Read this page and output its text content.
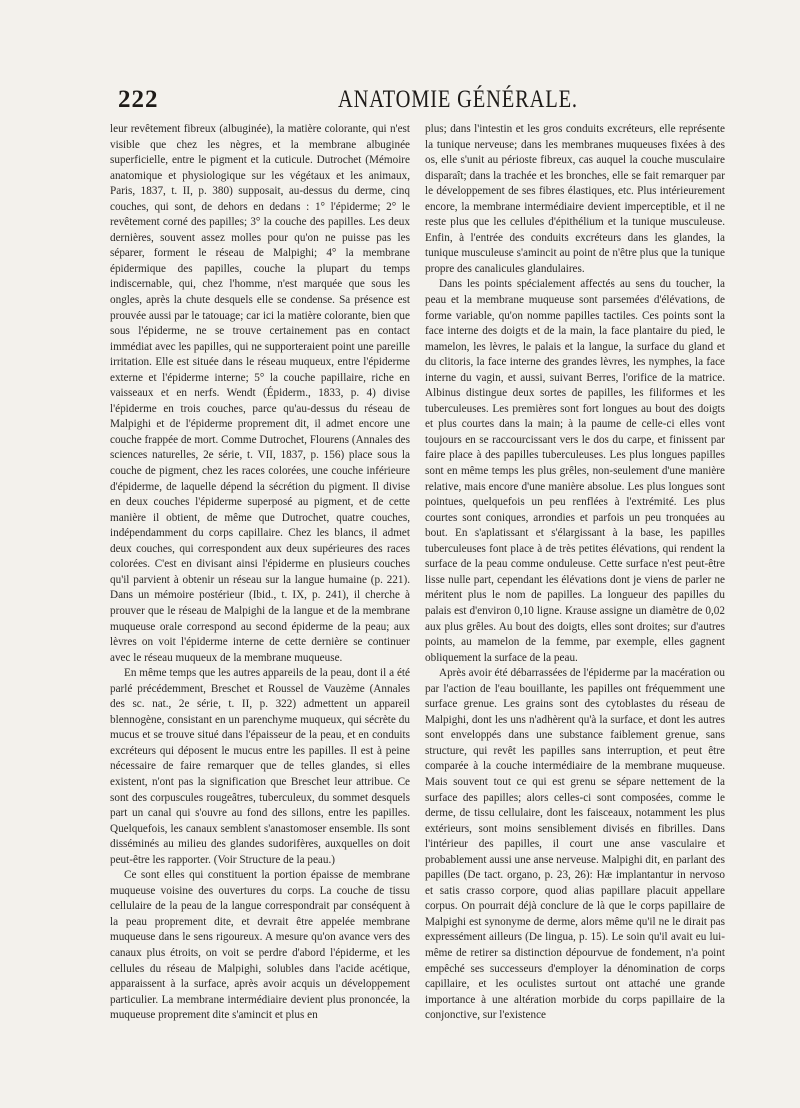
222	ANATOMIE GÉNÉRALE.

leur revêtement fibreux (albuginée), la matière colorante, qui n'est visible que chez les nègres, et la membrane albuginée superficielle, entre le pigment et la cuticule. Dutrochet (Mémoire anatomique et physiologique sur les végétaux et les animaux, Paris, 1837, t. II, p. 380) supposait, au-dessus du derme, cinq couches, qui sont, de dehors en dedans : 1° l'épiderme; 2° le revêtement corné des papilles; 3° la couche des papilles. Les deux dernières, souvent assez molles pour qu'on ne puisse pas les séparer, forment le réseau de Malpighi; 4° la membrane épidermique des papilles, couche la plupart du temps indiscernable, qui, chez l'homme, n'est marquée que sous les ongles, après la chute desquels elle se condense. Sa présence est prouvée aussi par le tatouage; car ici la matière colorante, bien que sous l'épiderme, ne se trouve certainement pas en contact immédiat avec les papilles, qui ne supporteraient point une pareille irritation. Elle est située dans le réseau muqueux, entre l'épiderme externe et l'épiderme interne; 5° la couche papillaire, riche en vaisseaux et en nerfs. Wendt (Épiderm., 1833, p. 4) divise l'épiderme en trois couches, parce qu'au-dessus du réseau de Malpighi et de l'épiderme proprement dit, il admet encore une couche frappée de mort. Comme Dutrochet, Flourens (Annales des sciences naturelles, 2e série, t. VII, 1837, p. 156) place sous la couche de pigment, chez les races colorées, une couche inférieure d'épiderme, de laquelle dépend la sécrétion du pigment. Il divise en deux couches l'épiderme superposé au pigment, et de cette manière il obtient, de même que Dutrochet, quatre couches, indépendamment du corps capillaire. Chez les blancs, il admet deux couches, qui correspondent aux deux supérieures des races colorées. C'est en divisant ainsi l'épiderme en plusieurs couches qu'il parvient à obtenir un réseau sur la langue humaine (p. 221). Dans un mémoire postérieur (Ibid., t. IX, p. 241), il cherche à prouver que le réseau de Malpighi de la langue et de la membrane muqueuse orale correspond au second épiderme de la peau; aux lèvres on voit l'épiderme interne de cette dernière se continuer avec le réseau muqueux de la membrane muqueuse.

En même temps que les autres appareils de la peau, dont il a été parlé précédemment, Breschet et Roussel de Vauzème (Annales des sc. nat., 2e série, t. II, p. 322) admettent un appareil blennogène, consistant en un parenchyme muqueux, qui sécrète du mucus et se trouve situé dans l'épaisseur de la peau, et en conduits excréteurs qui déposent le mucus entre les papilles. Il est à peine nécessaire de faire remarquer que de telles glandes, si elles existent, n'ont pas la signification que Breschet leur attribue. Ce sont des corpuscules rougeâtres, tuberculeux, du sommet desquels part un canal qui s'ouvre au fond des sillons, entre les papilles. Quelquefois, les canaux semblent s'anastomoser ensemble. Ils sont disséminés au milieu des glandes sudorifères, auxquelles on doit peut-être les rapporter. (Voir Structure de la peau.)

Ce sont elles qui constituent la portion épaisse de membrane muqueuse voisine des ouvertures du corps. La couche de tissu cellulaire de la peau de la langue correspondrait par conséquent à la peau proprement dite, et devrait être appelée membrane muqueuse dans le sens rigoureux. A mesure qu'on avance vers des canaux plus étroits, on voit se perdre d'abord l'épiderme, et les cellules du réseau de Malpighi, solubles dans l'acide acétique, apparaissent à la surface, après avoir acquis un développement particulier. La membrane intermédiaire devient plus prononcée, la muqueuse proprement dite s'amincit et plus en

plus; dans l'intestin et les gros conduits excréteurs, elle représente la tunique nerveuse; dans les membranes muqueuses fixées à des os, elle s'unit au périoste fibreux, cas auquel la couche musculaire disparaît; dans la trachée et les bronches, elle se fait remarquer par le développement de ses fibres élastiques, etc. Plus intérieurement encore, la membrane intermédiaire devient imperceptible, et il ne reste plus que les cellules d'épithélium et la tunique musculeuse. Enfin, à l'entrée des conduits excréteurs dans les glandes, la tunique musculeuse s'amincit au point de n'être plus que la tunique propre des canalicules glandulaires.

Dans les points spécialement affectés au sens du toucher, la peau et la membrane muqueuse sont parsemées d'élévations, de forme variable, qu'on nomme papilles tactiles. Ces points sont la face interne des doigts et de la main, la face plantaire du pied, le mamelon, les lèvres, le palais et la langue, la surface du gland et du clitoris, la face interne des grandes lèvres, les nymphes, la face interne du vagin, et aussi, suivant Berres, l'orifice de la matrice. Albinus distingue deux sortes de papilles, les filiformes et les tuberculeuses. Les premières sont fort longues au bout des doigts et plus courtes dans la main; à la paume de celle-ci elles vont toujours en se raccourcissant vers le dos du carpe, et finissent par faire place à des papilles tuberculeuses. Les plus longues papilles sont en même temps les plus grêles, non-seulement d'une manière relative, mais encore d'une manière absolue. Les plus longues sont pointues, quelquefois un peu renflées à l'extrémité. Les plus courtes sont coniques, arrondies et parfois un peu tronquées au bout. En s'aplatissant et s'élargissant à la base, les papilles tuberculeuses font place à de très petites élévations, qui rendent la surface de la peau comme onduleuse. Cette surface n'est peut-être lisse nulle part, cependant les élévations dont je viens de parler ne méritent plus le nom de papilles. La longueur des papilles du palais est d'environ 0,10 ligne. Krause assigne un diamètre de 0,02 aux plus grêles. Au bout des doigts, elles sont droites; sur d'autres points, au mamelon de la femme, par exemple, elles gagnent obliquement la surface de la peau.

Après avoir été débarrassées de l'épiderme par la macération ou par l'action de l'eau bouillante, les papilles ont fréquemment une surface grenue. Les grains sont des cytoblastes du réseau de Malpighi, dont les uns n'adhèrent qu'à la surface, et dont les autres sont enveloppés dans une substance faiblement grenue, sans structure, qui revêt les papilles sans interruption, et peut être comparée à la couche intermédiaire de la membrane muqueuse. Mais souvent tout ce qui est grenu se sépare nettement de la surface des papilles; alors celles-ci sont composées, comme le derme, de tissu cellulaire, dont les faisceaux, notamment les plus extérieurs, sont moins sensiblement divisés en fibrilles. Dans l'intérieur des papilles, il court une anse vasculaire et probablement aussi une anse nerveuse. Malpighi dit, en parlant des papilles (De tact. organo, p. 23, 26): Hæ implantantur in nervoso et satis crasso corpore, quod alias papillare placuit appellare corpus. On pourrait déjà conclure de là que le corps papillaire de Malpighi est synonyme de derme, alors même qu'il ne le dirait pas expressément ailleurs (De lingua, p. 15). Le soin qu'il avait eu lui-même de retirer sa distinction dépourvue de fondement, n'a point empêché ses successeurs d'employer la dénomination de corps capillaire, et les oculistes surtout ont attaché une grande importance à une altération morbide du corps papillaire de la conjonctive, sur l'existence
